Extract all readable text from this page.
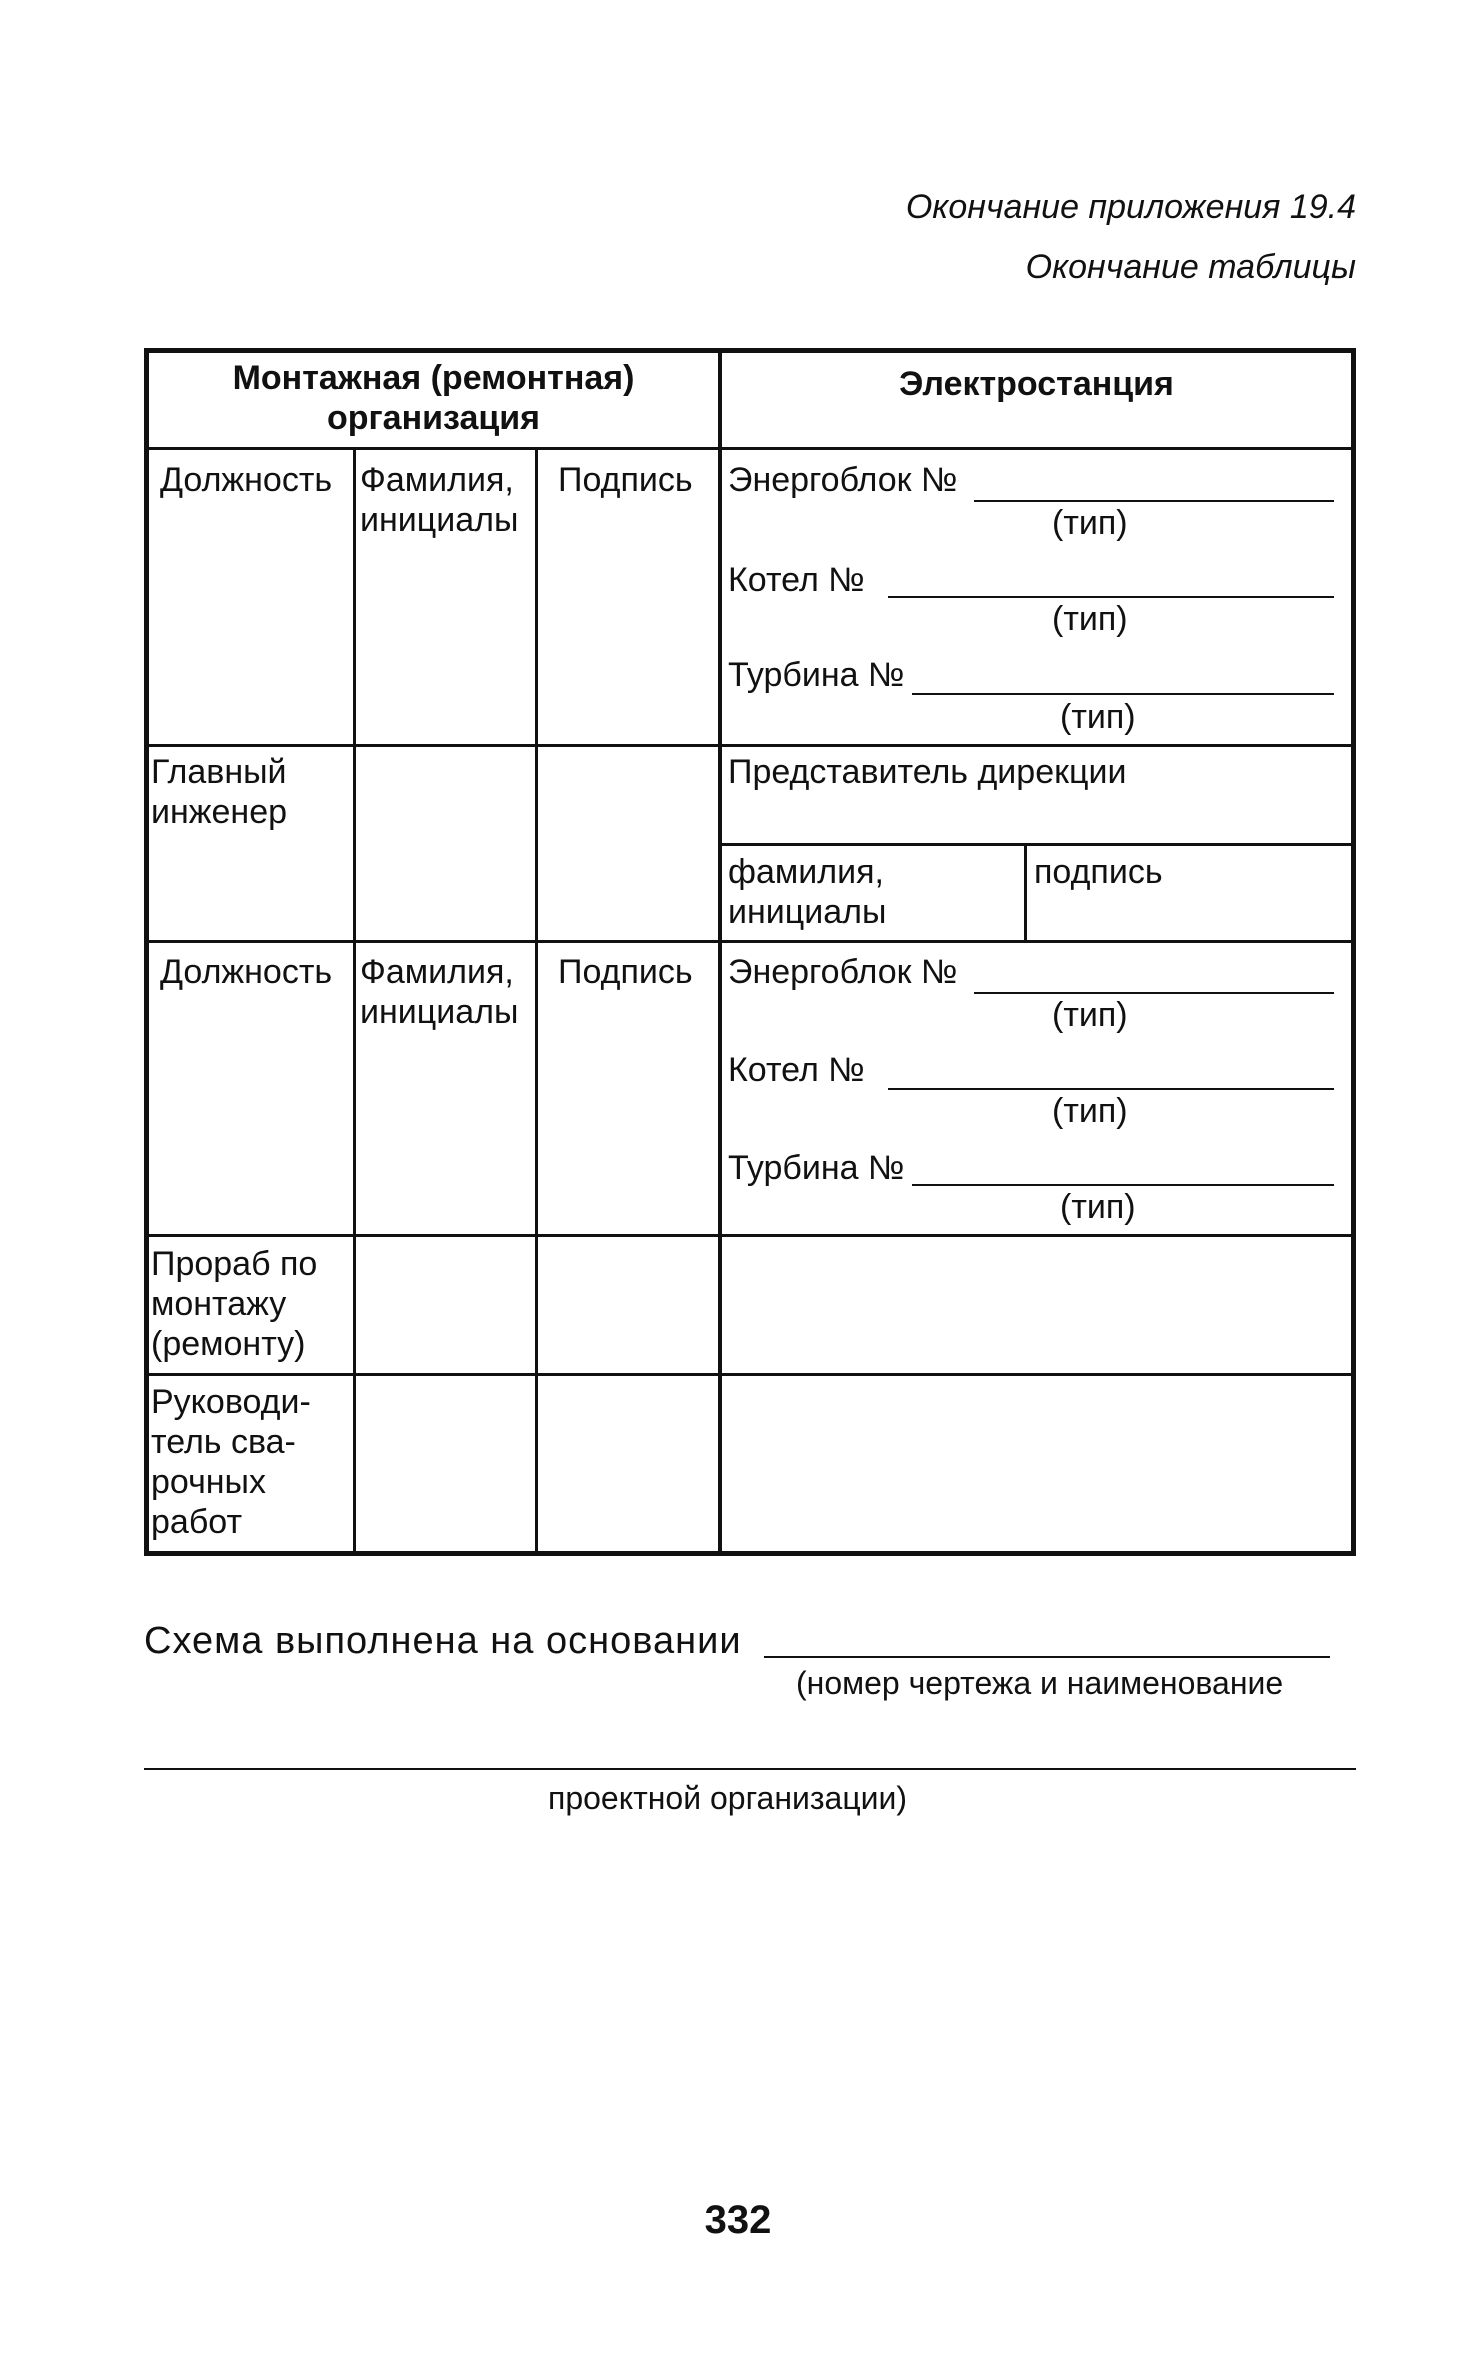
Окончание приложения 19.4
Окончание таблицы
Монтажная (ремонтная)
организация
Электростанция
Должность Фамилия,
инициалы
Подпись Энергоблок №
(тип)
Котел №
(тип)
Турбина №
(тип)
Главный
инженер
Представитель дирекции
фамилия,
инициалы
подпись
Должность Фамилия,
инициалы
Подпись Энергоблок №
(тип)
Котел №
(тип)
Турбина №
(тип)
Прораб по
монтажу
(ремонту)
Руководи-
тель сва-
рочных
работ
Схема выполнена на основании
(номер чертежа и наименование
проектной организации)
332
